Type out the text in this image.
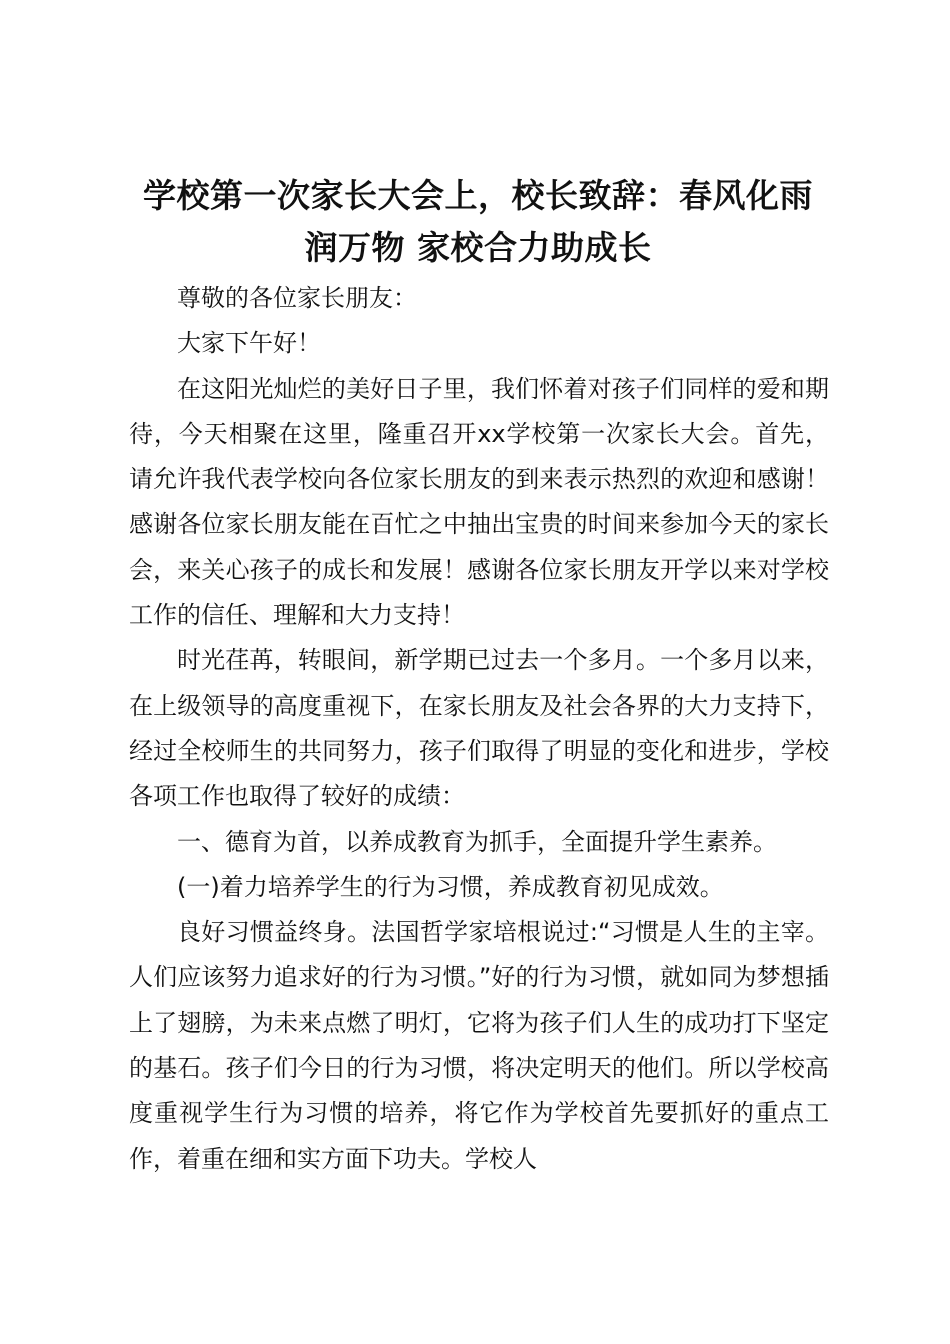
学校第一次家长大会上，校长致辞：春风化雨
润万物 家校合力助成长

尊敬的各位家长朋友：

大家下午好！

在这阳光灿烂的美好日子里，我们怀着对孩子们同样的爱和期待，今天相聚在这里，隆重召开xx学校第一次家长大会。首先，请允许我代表学校向各位家长朋友的到来表示热烈的欢迎和感谢！感谢各位家长朋友能在百忙之中抽出宝贵的时间来参加今天的家长会，来关心孩子的成长和发展！感谢各位家长朋友开学以来对学校工作的信任、理解和大力支持！

时光荏苒，转眼间，新学期已过去一个多月。一个多月以来，在上级领导的高度重视下，在家长朋友及社会各界的大力支持下，经过全校师生的共同努力，孩子们取得了明显的变化和进步，学校各项工作也取得了较好的成绩：

一、德育为首，以养成教育为抓手，全面提升学生素养。

(一)着力培养学生的行为习惯，养成教育初见成效。

良好习惯益终身。法国哲学家培根说过:“习惯是人生的主宰。人们应该努力追求好的行为习惯。”好的行为习惯，就如同为梦想插上了翅膀，为未来点燃了明灯，它将为孩子们人生的成功打下坚定的基石。孩子们今日的行为习惯，将决定明天的他们。所以学校高度重视学生行为习惯的培养，将它作为学校首先要抓好的重点工作，着重在细和实方面下功夫。学校人
